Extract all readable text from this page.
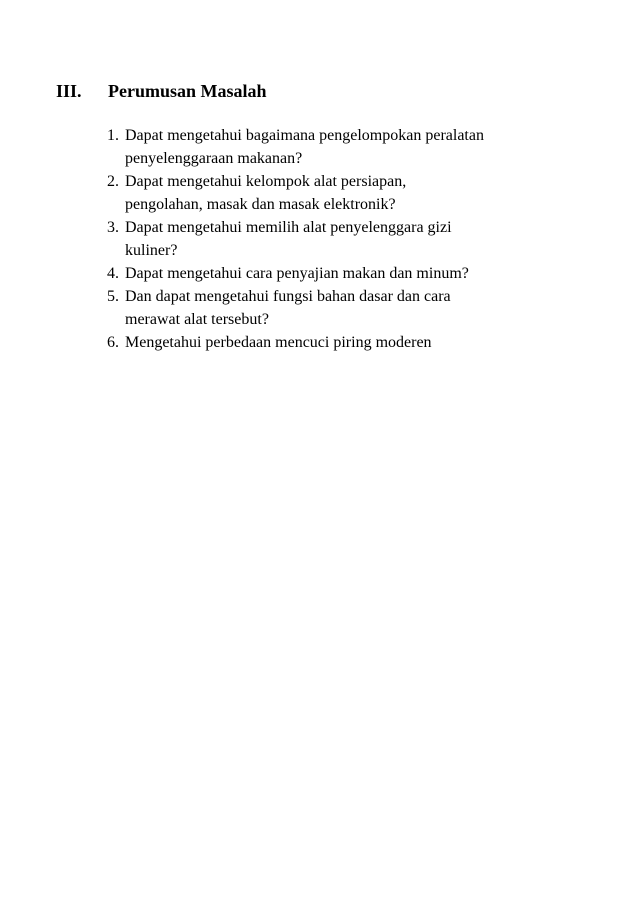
III. Perumusan Masalah
1. Dapat mengetahui bagaimana pengelompokan peralatan
penyelenggaraan makanan?
2. Dapat mengetahui kelompok alat persiapan,
pengolahan, masak dan masak elektronik?
3. Dapat mengetahui memilih alat penyelenggara gizi
kuliner?
4. Dapat mengetahui cara penyajian makan dan minum?
5. Dan dapat mengetahui fungsi bahan dasar dan cara
merawat alat tersebut?
6. Mengetahui perbedaan mencuci piring moderen
